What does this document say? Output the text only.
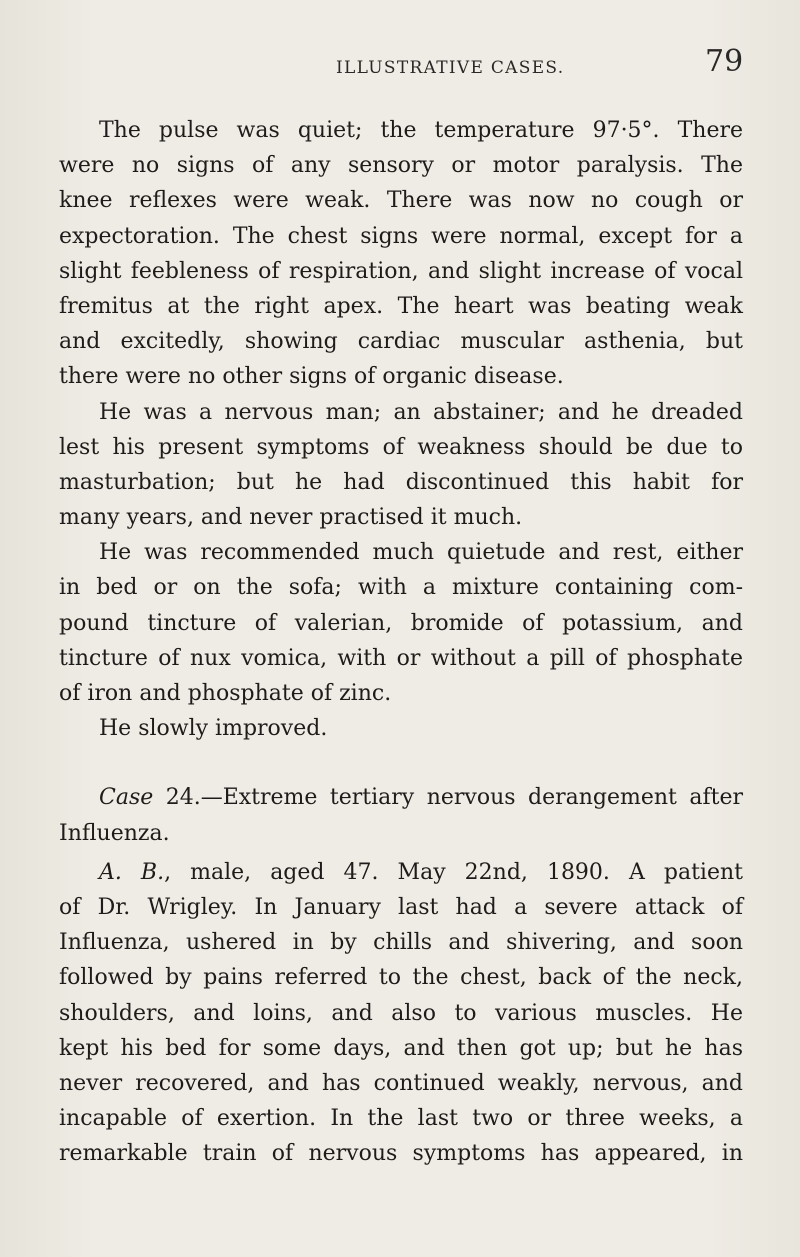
ILLUSTRATIVE CASES.	79
The pulse was quiet; the temperature 97·5°. There
were no signs of any sensory or motor paralysis. The
knee reflexes were weak. There was now no cough or
expectoration. The chest signs were normal, except for a
slight feebleness of respiration, and slight increase of vocal
fremitus at the right apex. The heart was beating weak
and excitedly, showing cardiac muscular asthenia, but
there were no other signs of organic disease.
He was a nervous man; an abstainer; and he dreaded
lest his present symptoms of weakness should be due to
masturbation; but he had discontinued this habit for
many years, and never practised it much.
He was recommended much quietude and rest, either
in bed or on the sofa; with a mixture containing com-
pound tincture of valerian, bromide of potassium, and
tincture of nux vomica, with or without a pill of phosphate
of iron and phosphate of zinc.
He slowly improved.
Case 24.—Extreme tertiary nervous derangement after
Influenza.
A. B., male, aged 47. May 22nd, 1890. A patient
of Dr. Wrigley. In January last had a severe attack of
Influenza, ushered in by chills and shivering, and soon
followed by pains referred to the chest, back of the neck,
shoulders, and loins, and also to various muscles. He
kept his bed for some days, and then got up; but he has
never recovered, and has continued weakly, nervous, and
incapable of exertion. In the last two or three weeks, a
remarkable train of nervous symptoms has appeared, in
